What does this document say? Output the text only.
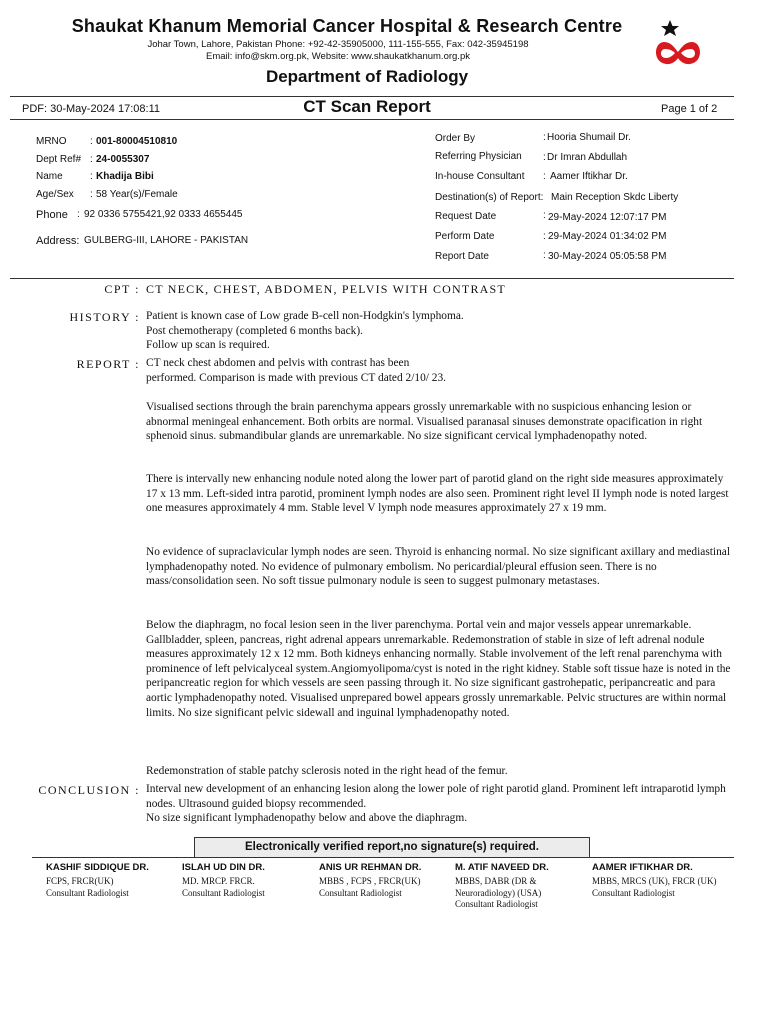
Shaukat Khanum Memorial Cancer Hospital & Research Centre
Johar Town, Lahore, Pakistan Phone: +92-42-35905000, 111-155-555, Fax: 042-35945198
Email: info@skm.org.pk, Website: www.shaukatkhanum.org.pk
Department of Radiology
PDF: 30-May-2024 17:08:11	CT Scan Report	Page 1 of 2
MRNO : 001-80004510810
Dept Ref# : 24-0055307
Name	: Khadija Bibi
Age/Sex : 58 Year(s)/Female
Phone : 92 0336 5755421,92 0333 4655445
Address: GULBERG-III, LAHORE - PAKISTAN
Order By	: Hooria Shumail Dr.
Referring Physician : Dr Imran Abdullah
In-house Consultant : Aamer Iftikhar Dr.
Destination(s) of Report: Main Reception Skdc Liberty
Request Date	: 29-May-2024 12:07:17 PM
Perform Date	: 29-May-2024 01:34:02 PM
Report Date	: 30-May-2024 05:05:58 PM
CPT : CT NECK, CHEST, ABDOMEN, PELVIS WITH CONTRAST
HISTORY : Patient is known case of Low grade B-cell non-Hodgkin's lymphoma.

Post chemotherapy (completed 6 months back).

Follow up scan is required.

REPORT : CT neck chest abdomen and pelvis with contrast has been performed. Comparison is made with previous CT dated 2/10/ 23.
Visualised sections through the brain parenchyma appears grossly unremarkable with no suspicious enhancing lesion or abnormal meningeal enhancement. Both orbits are normal. Visualised paranasal sinuses demonstrate opacification in right sphenoid sinus. submandibular glands are unremarkable. No size significant cervical lymphadenopathy noted.
There is intervally new enhancing nodule noted along the lower part of parotid gland on the right side measures approximately 17 x 13 mm. Left-sided intra parotid, prominent lymph nodes are also seen. Prominent right level II lymph node is noted largest one measures approximately 4 mm. Stable level V lymph node measures approximately 27 x 19 mm.
No evidence of supraclavicular lymph nodes are seen. Thyroid is enhancing normal. No size significant axillary and mediastinal lymphadenopathy noted. No evidence of pulmonary embolism. No pericardial/pleural effusion seen. There is no mass/consolidation seen. No soft tissue pulmonary nodule is seen to suggest pulmonary metastases.
Below the diaphragm, no focal lesion seen in the liver parenchyma. Portal vein and major vessels appear unremarkable. Gallbladder, spleen, pancreas, right adrenal appears unremarkable. Redemonstration of stable in size of left adrenal nodule measures approximately 12 x 12 mm. Both kidneys enhancing normally. Stable involvement of the left renal parenchyma with prominence of left pelvicalyceal system.Angiomyolipoma/cyst is noted in the right kidney. Stable soft tissue haze is noted in the peripancreatic region for which vessels are seen passing through it. No size significant gastrohepatic, peripancreatic and para aortic lymphadenopathy noted. Visualised unprepared bowel appears grossly unremarkable. Pelvic structures are within normal limits. No size significant pelvic sidewall and inguinal lymphadenopathy noted.
Redemonstration of stable patchy sclerosis noted in the right head of the femur.
CONCLUSION : Interval new development of an enhancing lesion along the lower pole of right parotid gland. Prominent left intraparotid lymph nodes. Ultrasound guided biopsy recommended.

No size significant lymphadenopathy below and above the diaphragm.

Electronically verified report,no signature(s) required.
KASHIF SIDDIQUE DR.
FCPS, FRCR(UK)
Consultant Radiologist
ISLAH UD DIN DR.
MD. MRCP. FRCR.
Consultant Radiologist
ANIS UR REHMAN DR.
MBBS , FCPS , FRCR(UK)
Consultant Radiologist
M. ATIF NAVEED DR.
MBBS, DABR (DR & Neuroradiology) (USA)
Consultant Radiologist
AAMER IFTIKHAR DR.
MBBS, MRCS (UK), FRCR (UK)
Consultant Radiologist
